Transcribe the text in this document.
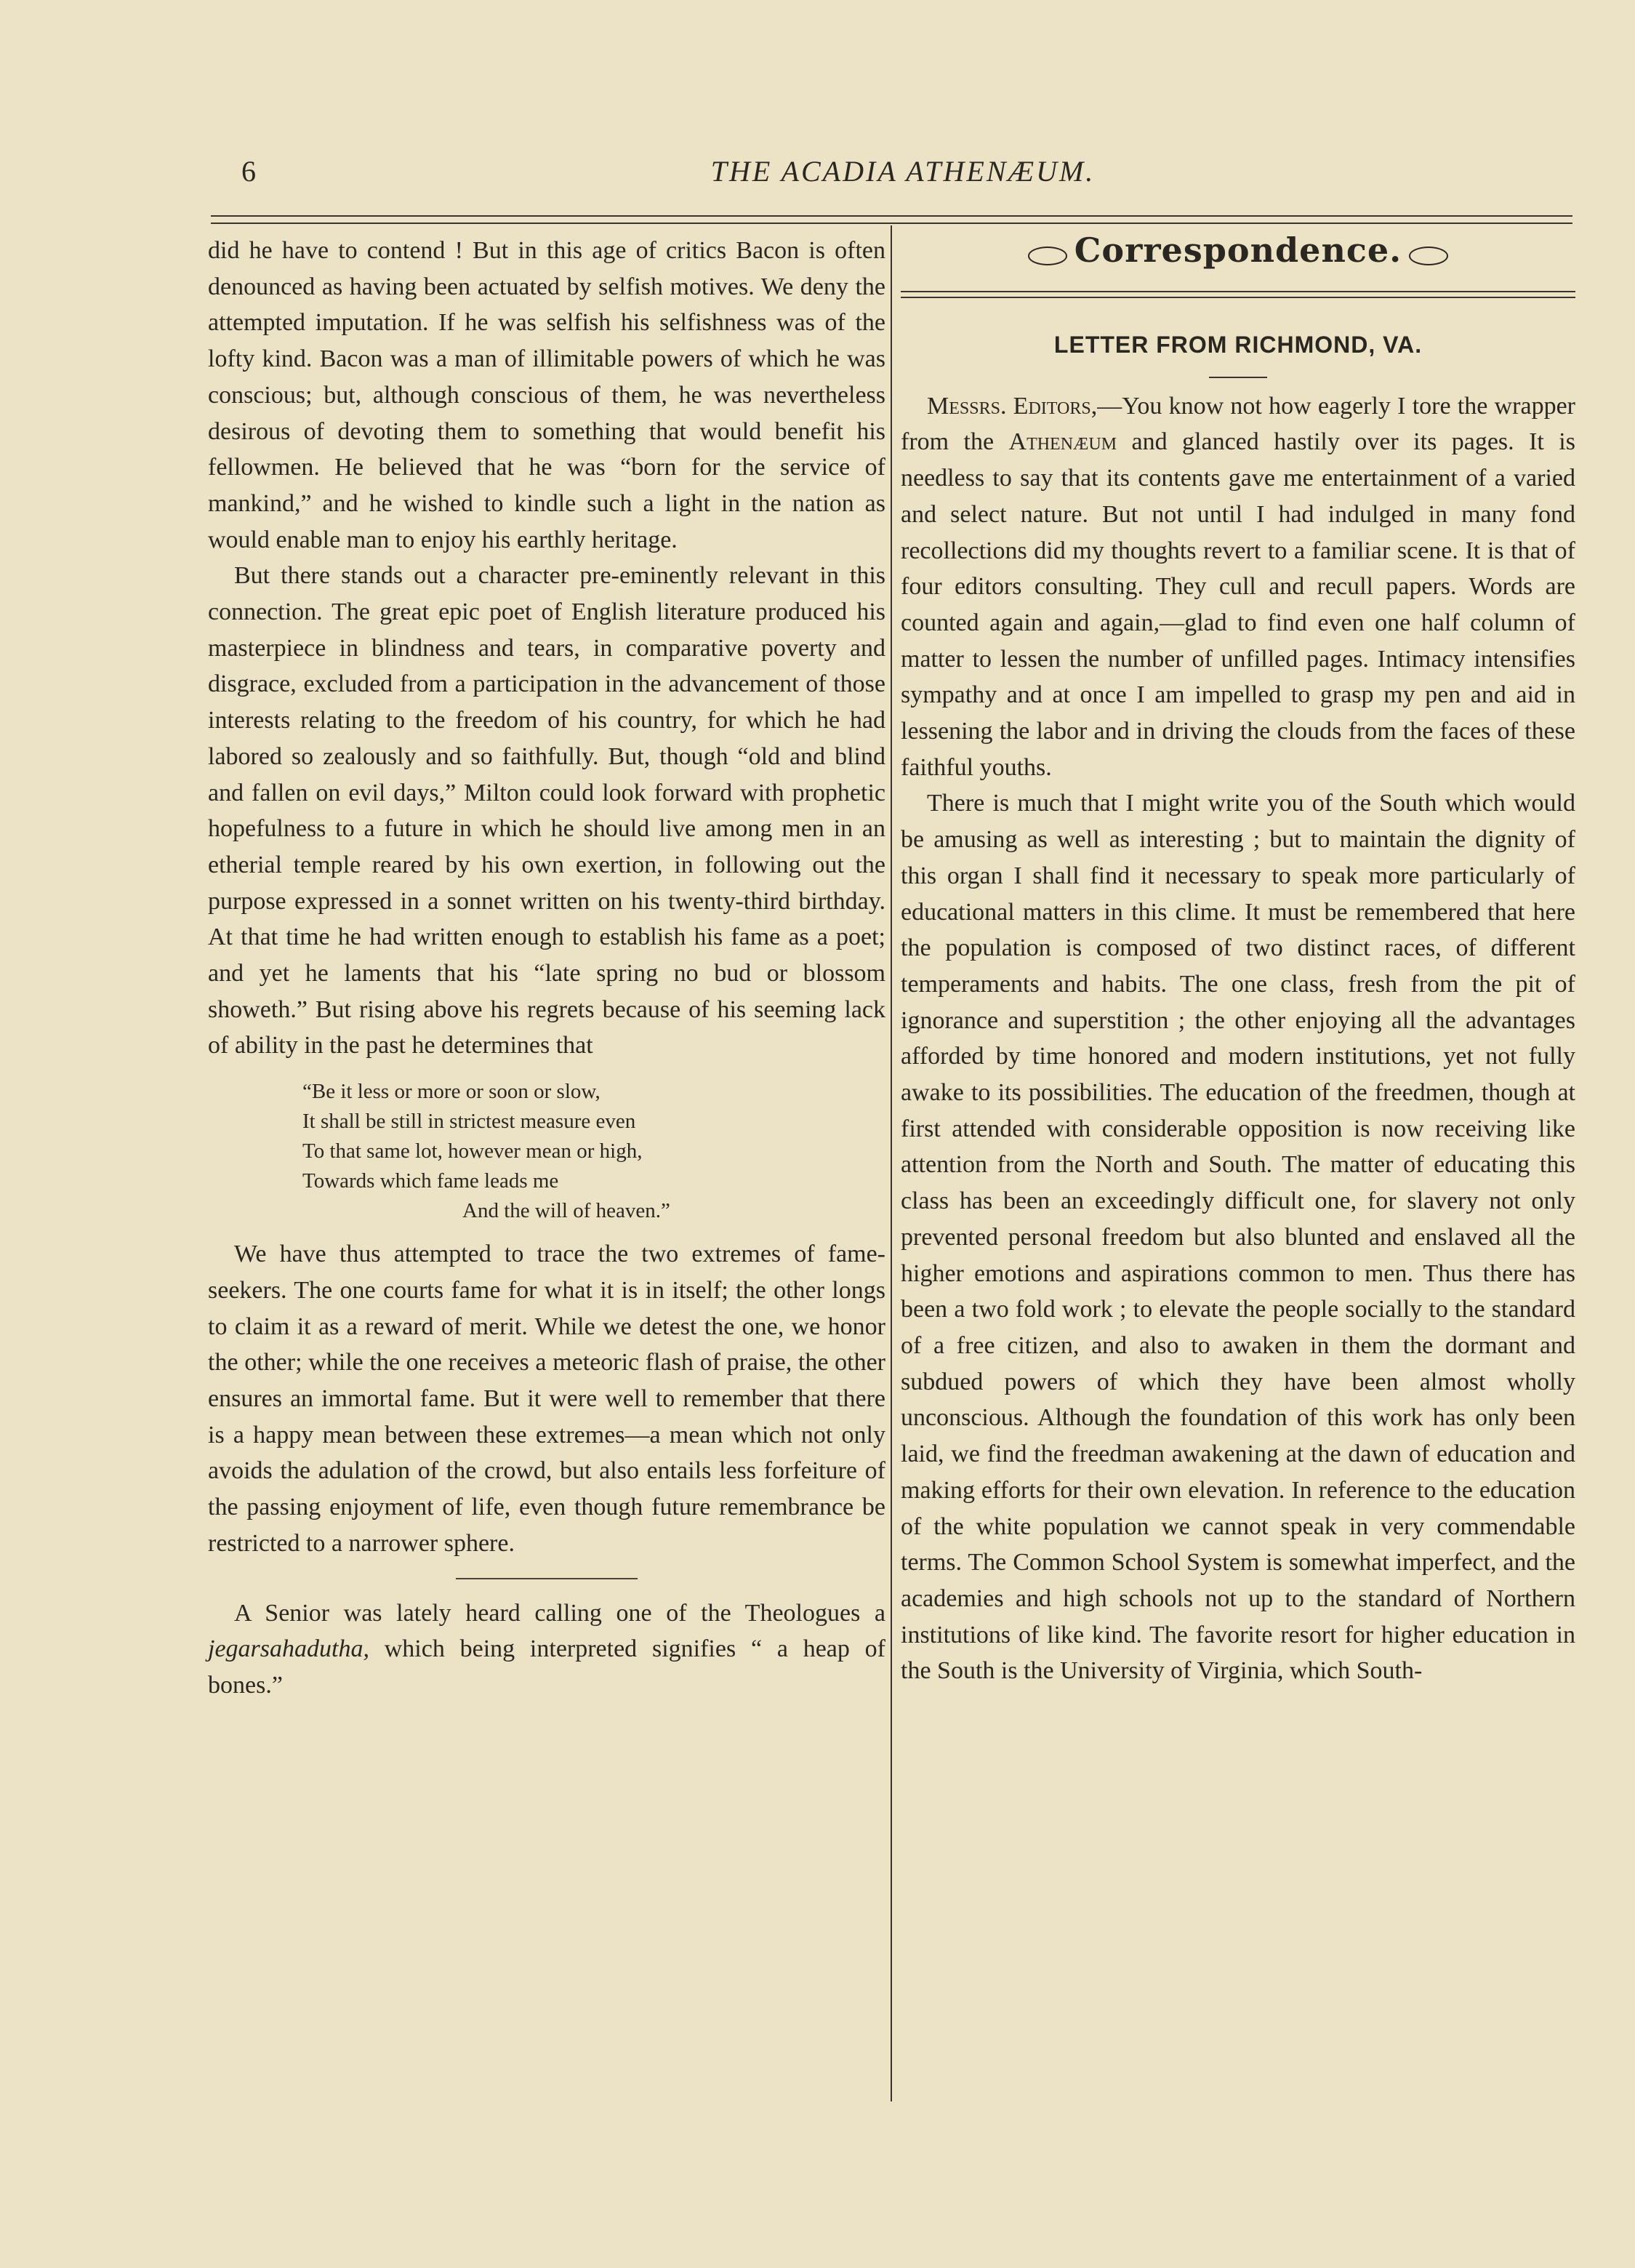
6	THE ACADIA ATHENÆUM.

did he have to contend ! But in this age of critics Bacon is often denounced as having been actuated by selfish motives. We deny the attempted imputation. If he was selfish his selfishness was of the lofty kind. Bacon was a man of illimitable powers of which he was conscious; but, although conscious of them, he was nevertheless desirous of devoting them to something that would benefit his fellowmen. He believed that he was “born for the service of mankind,” and he wished to kindle such a light in the nation as would enable man to enjoy his earthly heritage.

But there stands out a character pre-eminently relevant in this connection. The great epic poet of English literature produced his masterpiece in blindness and tears, in comparative poverty and disgrace, excluded from a participation in the advancement of those interests relating to the freedom of his country, for which he had labored so zealously and so faithfully. But, though “old and blind and fallen on evil days,” Milton could look forward with prophetic hopefulness to a future in which he should live among men in an etherial temple reared by his own exertion, in following out the purpose expressed in a sonnet written on his twenty-third birthday. At that time he had written enough to establish his fame as a poet; and yet he laments that his “late spring no bud or blossom showeth.” But rising above his regrets because of his seeming lack of ability in the past he determines that

“Be it less or more or soon or slow,
It shall be still in strictest measure even
To that same lot, however mean or high,
Towards which fame leads me
And the will of heaven.”

We have thus attempted to trace the two extremes of fame-seekers. The one courts fame for what it is in itself; the other longs to claim it as a reward of merit. While we detest the one, we honor the other; while the one receives a meteoric flash of praise, the other ensures an immortal fame. But it were well to remember that there is a happy mean between these extremes—a mean which not only avoids the adulation of the crowd, but also entails less forfeiture of the passing enjoyment of life, even though future remembrance be restricted to a narrower sphere.

A Senior was lately heard calling one of the Theologues a jegarsahadutha, which being interpreted signifies “ a heap of bones.”

Correspondence.
LETTER FROM RICHMOND, VA.

Messrs. Editors,—You know not how eagerly I tore the wrapper from the Athenæum and glanced hastily over its pages. It is needless to say that its contents gave me entertainment of a varied and select nature. But not until I had indulged in many fond recollections did my thoughts revert to a familiar scene. It is that of four editors consulting. They cull and recull papers. Words are counted again and again,—glad to find even one half column of matter to lessen the number of unfilled pages. Intimacy intensifies sympathy and at once I am impelled to grasp my pen and aid in lessening the labor and in driving the clouds from the faces of these faithful youths.

There is much that I might write you of the South which would be amusing as well as interesting ; but to maintain the dignity of this organ I shall find it necessary to speak more particularly of educational matters in this clime. It must be remembered that here the population is composed of two distinct races, of different temperaments and habits. The one class, fresh from the pit of ignorance and superstition ; the other enjoying all the advantages afforded by time honored and modern institutions, yet not fully awake to its possibilities. The education of the freedmen, though at first attended with considerable opposition is now receiving like attention from the North and South. The matter of educating this class has been an exceedingly difficult one, for slavery not only prevented personal freedom but also blunted and enslaved all the higher emotions and aspirations common to men. Thus there has been a two fold work ; to elevate the people socially to the standard of a free citizen, and also to awaken in them the dormant and subdued powers of which they have been almost wholly unconscious. Although the foundation of this work has only been laid, we find the freedman awakening at the dawn of education and making efforts for their own elevation. In reference to the education of the white population we cannot speak in very commendable terms. The Common School System is somewhat imperfect, and the academies and high schools not up to the standard of Northern institutions of like kind. The favorite resort for higher education in the South is the University of Virginia, which South-
